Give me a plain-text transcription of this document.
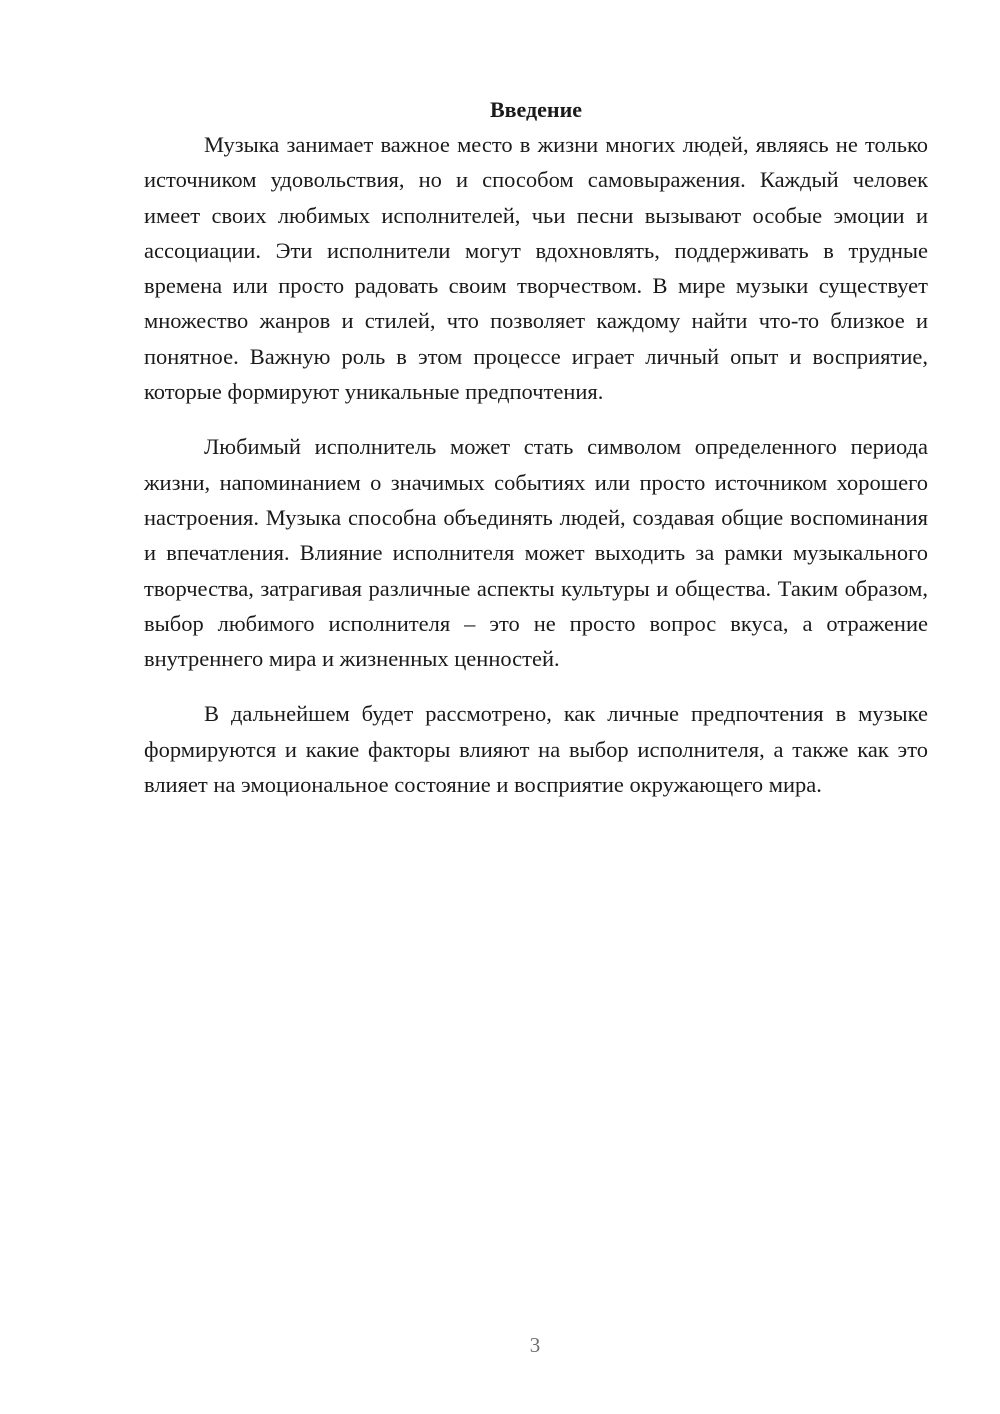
Введение

Музыка занимает важное место в жизни многих людей, являясь не только источником удовольствия, но и способом самовыражения. Каждый человек имеет своих любимых исполнителей, чьи песни вызывают особые эмоции и ассоциации. Эти исполнители могут вдохновлять, поддерживать в трудные времена или просто радовать своим творчеством. В мире музыки существует множество жанров и стилей, что позволяет каждому найти что-то близкое и понятное. Важную роль в этом процессе играет личный опыт и восприятие, которые формируют уникальные предпочтения.

Любимый исполнитель может стать символом определенного периода жизни, напоминанием о значимых событиях или просто источником хорошего настроения. Музыка способна объединять людей, создавая общие воспоминания и впечатления. Влияние исполнителя может выходить за рамки музыкального творчества, затрагивая различные аспекты культуры и общества. Таким образом, выбор любимого исполнителя – это не просто вопрос вкуса, а отражение внутреннего мира и жизненных ценностей.

В дальнейшем будет рассмотрено, как личные предпочтения в музыке формируются и какие факторы влияют на выбор исполнителя, а также как это влияет на эмоциональное состояние и восприятие окружающего мира.

3
